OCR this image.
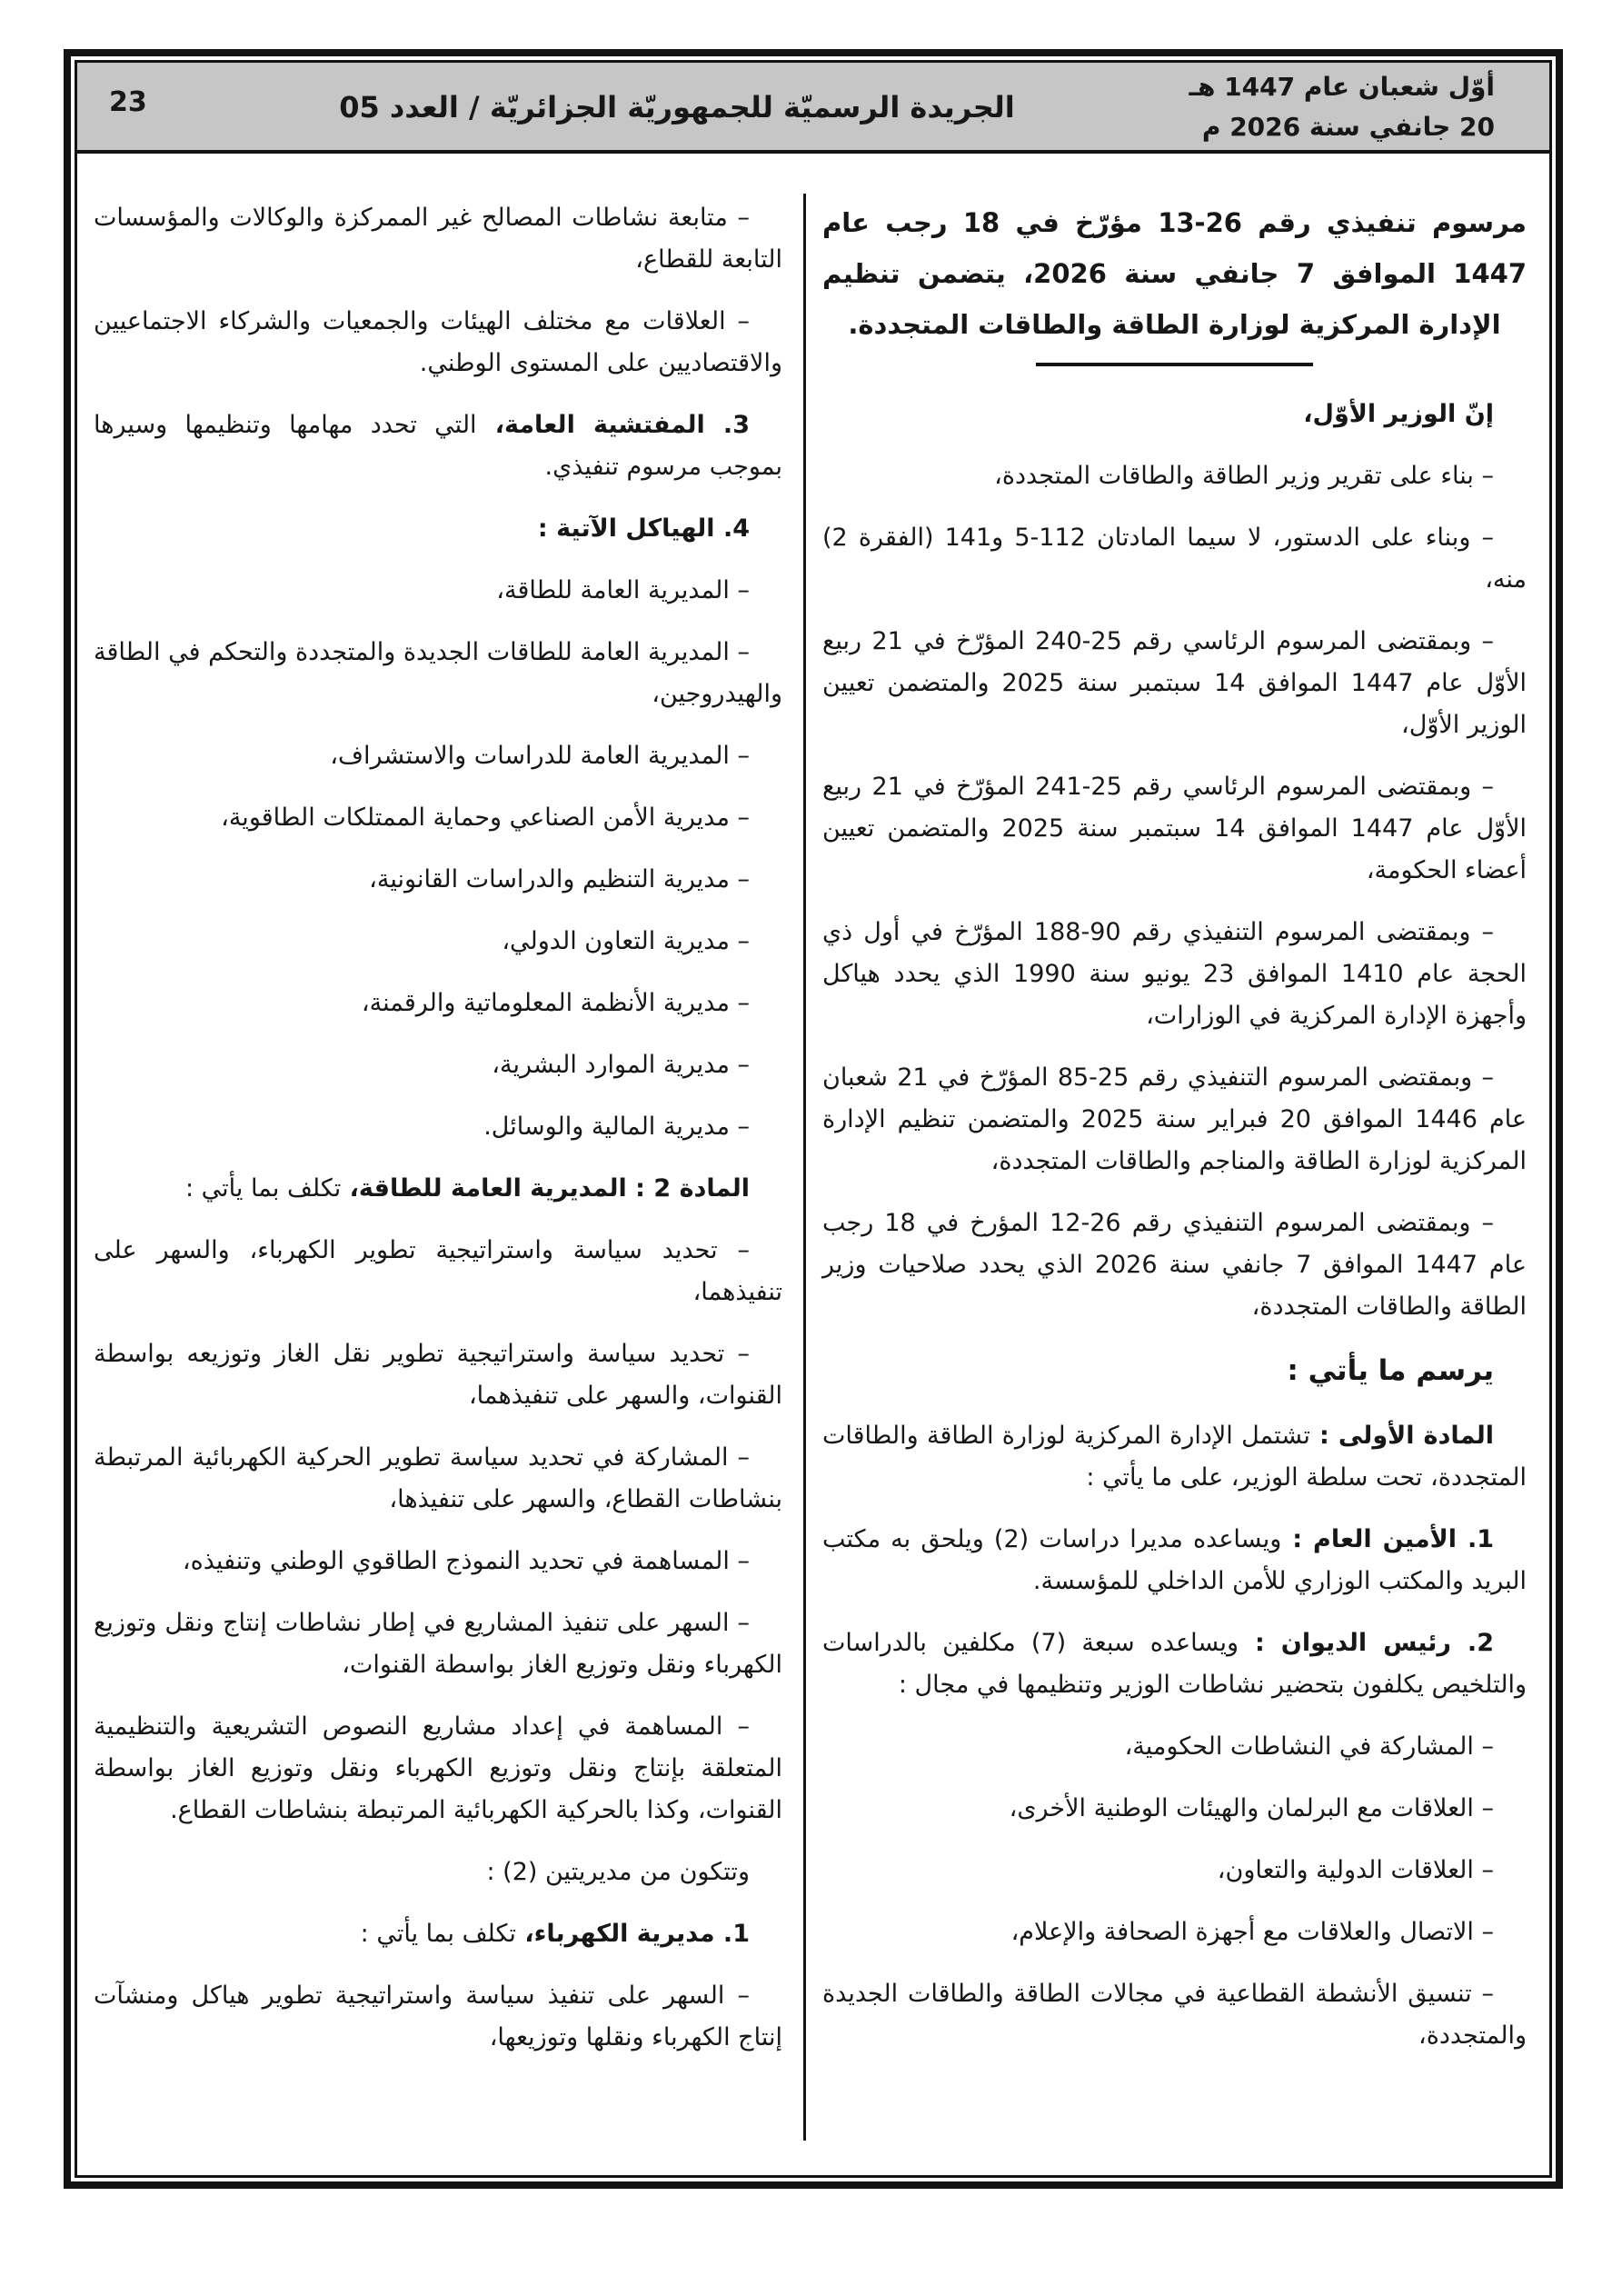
23	الجريدة الرسميّة للجمهوريّة الجزائريّة / العدد 05
أوّل شعبان عام 1447 هـ
20 جانفي سنة 2026 م
مرسوم تنفيذي رقم 26‐13 مؤرّخ في 18 رجب عام 1447 الموافق 7 جانفي سنة 2026، يتضمن تنظيم الإدارة المركزية لوزارة الطاقة والطاقات المتجددة.
إنّ الوزير الأوّل،
– بناء على تقرير وزير الطاقة والطاقات المتجددة،
– وبناء على الدستور، لا سيما المادتان 112‐5 و141 (الفقرة 2) منه،
– وبمقتضى المرسوم الرئاسي رقم 25‐240 المؤرّخ في 21 ربيع الأوّل عام 1447 الموافق 14 سبتمبر سنة 2025 والمتضمن تعيين الوزير الأوّل،
– وبمقتضى المرسوم الرئاسي رقم 25‐241 المؤرّخ في 21 ربيع الأوّل عام 1447 الموافق 14 سبتمبر سنة 2025 والمتضمن تعيين أعضاء الحكومة،
– وبمقتضى المرسوم التنفيذي رقم 90‐188 المؤرّخ في أول ذي الحجة عام 1410 الموافق 23 يونيو سنة 1990 الذي يحدد هياكل وأجهزة الإدارة المركزية في الوزارات،
– وبمقتضى المرسوم التنفيذي رقم 25‐85 المؤرّخ في 21 شعبان عام 1446 الموافق 20 فبراير سنة 2025 والمتضمن تنظيم الإدارة المركزية لوزارة الطاقة والمناجم والطاقات المتجددة،
– وبمقتضى المرسوم التنفيذي رقم 26‐12 المؤرخ في 18 رجب عام 1447 الموافق 7 جانفي سنة 2026 الذي يحدد صلاحيات وزير الطاقة والطاقات المتجددة،
يرسم ما يأتي :
المادة الأولى : تشتمل الإدارة المركزية لوزارة الطاقة والطاقات المتجددة، تحت سلطة الوزير، على ما يأتي :
1. الأمين العام : ويساعده مديرا دراسات (2) ويلحق به مكتب البريد والمكتب الوزاري للأمن الداخلي للمؤسسة.
2. رئيس الديوان : ويساعده سبعة (7) مكلفين بالدراسات والتلخيص يكلفون بتحضير نشاطات الوزير وتنظيمها في مجال :
– المشاركة في النشاطات الحكومية،
– العلاقات مع البرلمان والهيئات الوطنية الأخرى،
– العلاقات الدولية والتعاون،
– الاتصال والعلاقات مع أجهزة الصحافة والإعلام،
– تنسيق الأنشطة القطاعية في مجالات الطاقة والطاقات الجديدة والمتجددة،
– متابعة نشاطات المصالح غير الممركزة والوكالات والمؤسسات التابعة للقطاع،
– العلاقات مع مختلف الهيئات والجمعيات والشركاء الاجتماعيين والاقتصاديين على المستوى الوطني.
3. المفتشية العامة، التي تحدد مهامها وتنظيمها وسيرها بموجب مرسوم تنفيذي.
4. الهياكل الآتية :
– المديرية العامة للطاقة،
– المديرية العامة للطاقات الجديدة والمتجددة والتحكم في الطاقة والهيدروجين،
– المديرية العامة للدراسات والاستشراف،
– مديرية الأمن الصناعي وحماية الممتلكات الطاقوية،
– مديرية التنظيم والدراسات القانونية،
– مديرية التعاون الدولي،
– مديرية الأنظمة المعلوماتية والرقمنة،
– مديرية الموارد البشرية،
– مديرية المالية والوسائل.
المادة 2 : المديرية العامة للطاقة، تكلف بما يأتي :
– تحديد سياسة واستراتيجية تطوير الكهرباء، والسهر على تنفيذهما،
– تحديد سياسة واستراتيجية تطوير نقل الغاز وتوزيعه بواسطة القنوات، والسهر على تنفيذهما،
– المشاركة في تحديد سياسة تطوير الحركية الكهربائية المرتبطة بنشاطات القطاع، والسهر على تنفيذها،
– المساهمة في تحديد النموذج الطاقوي الوطني وتنفيذه،
– السهر على تنفيذ المشاريع في إطار نشاطات إنتاج ونقل وتوزيع الكهرباء ونقل وتوزيع الغاز بواسطة القنوات،
– المساهمة في إعداد مشاريع النصوص التشريعية والتنظيمية المتعلقة بإنتاج ونقل وتوزيع الكهرباء ونقل وتوزيع الغاز بواسطة القنوات، وكذا بالحركية الكهربائية المرتبطة بنشاطات القطاع.
وتتكون من مديريتين (2) :
1. مديرية الكهرباء، تكلف بما يأتي :
– السهر على تنفيذ سياسة واستراتيجية تطوير هياكل ومنشآت إنتاج الكهرباء ونقلها وتوزيعها،
